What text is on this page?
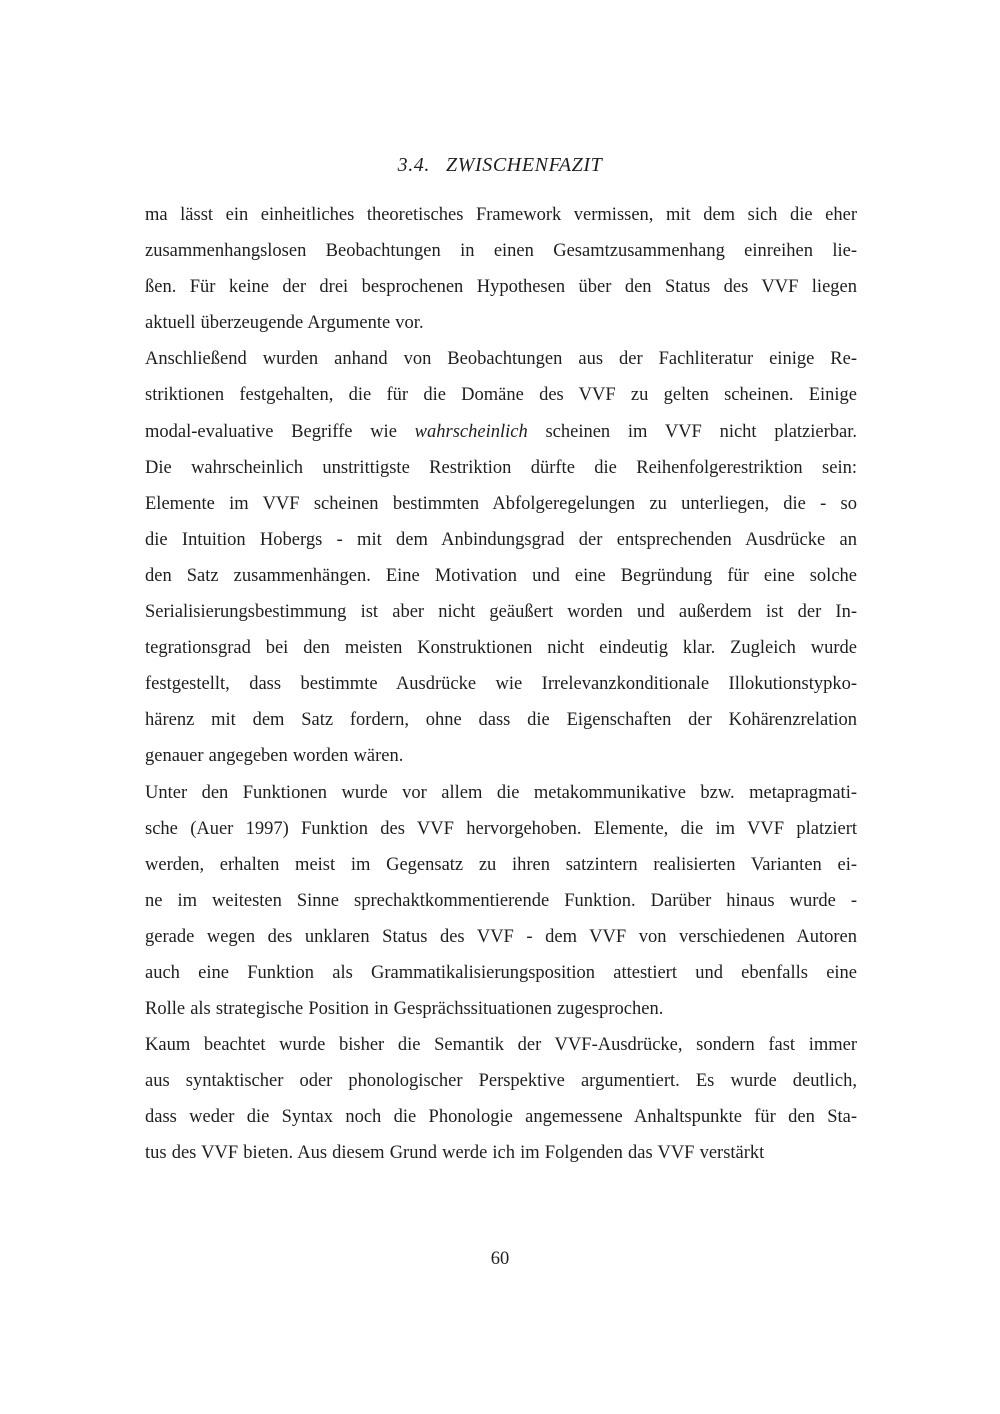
3.4. ZWISCHENFAZIT
ma lässt ein einheitliches theoretisches Framework vermissen, mit dem sich die eher
zusammenhangslosen Beobachtungen in einen Gesamtzusammenhang einreihen lie-
ßen. Für keine der drei besprochenen Hypothesen über den Status des VVF liegen
aktuell überzeugende Argumente vor.
Anschließend wurden anhand von Beobachtungen aus der Fachliteratur einige Re-
striktionen festgehalten, die für die Domäne des VVF zu gelten scheinen. Einige
modal-evaluative Begriffe wie wahrscheinlich scheinen im VVF nicht platzierbar.
Die wahrscheinlich unstrittigste Restriktion dürfte die Reihenfolgerestriktion sein:
Elemente im VVF scheinen bestimmten Abfolgeregelungen zu unterliegen, die - so
die Intuition Hobergs - mit dem Anbindungsgrad der entsprechenden Ausdrücke an
den Satz zusammenhängen. Eine Motivation und eine Begründung für eine solche
Serialisierungsbestimmung ist aber nicht geäußert worden und außerdem ist der In-
tegrationsgrad bei den meisten Konstruktionen nicht eindeutig klar. Zugleich wurde
festgestellt, dass bestimmte Ausdrücke wie Irrelevanzkonditionale Illokutionstypko-
härenz mit dem Satz fordern, ohne dass die Eigenschaften der Kohärenzrelation
genauer angegeben worden wären.
Unter den Funktionen wurde vor allem die metakommunikative bzw. metapragmati-
sche (Auer 1997) Funktion des VVF hervorgehoben. Elemente, die im VVF platziert
werden, erhalten meist im Gegensatz zu ihren satzintern realisierten Varianten ei-
ne im weitesten Sinne sprechaktkommentierende Funktion. Darüber hinaus wurde -
gerade wegen des unklaren Status des VVF - dem VVF von verschiedenen Autoren
auch eine Funktion als Grammatikalisierungsposition attestiert und ebenfalls eine
Rolle als strategische Position in Gesprächssituationen zugesprochen.
Kaum beachtet wurde bisher die Semantik der VVF-Ausdrücke, sondern fast immer
aus syntaktischer oder phonologischer Perspektive argumentiert. Es wurde deutlich,
dass weder die Syntax noch die Phonologie angemessene Anhaltspunkte für den Sta-
tus des VVF bieten. Aus diesem Grund werde ich im Folgenden das VVF verstärkt
60
